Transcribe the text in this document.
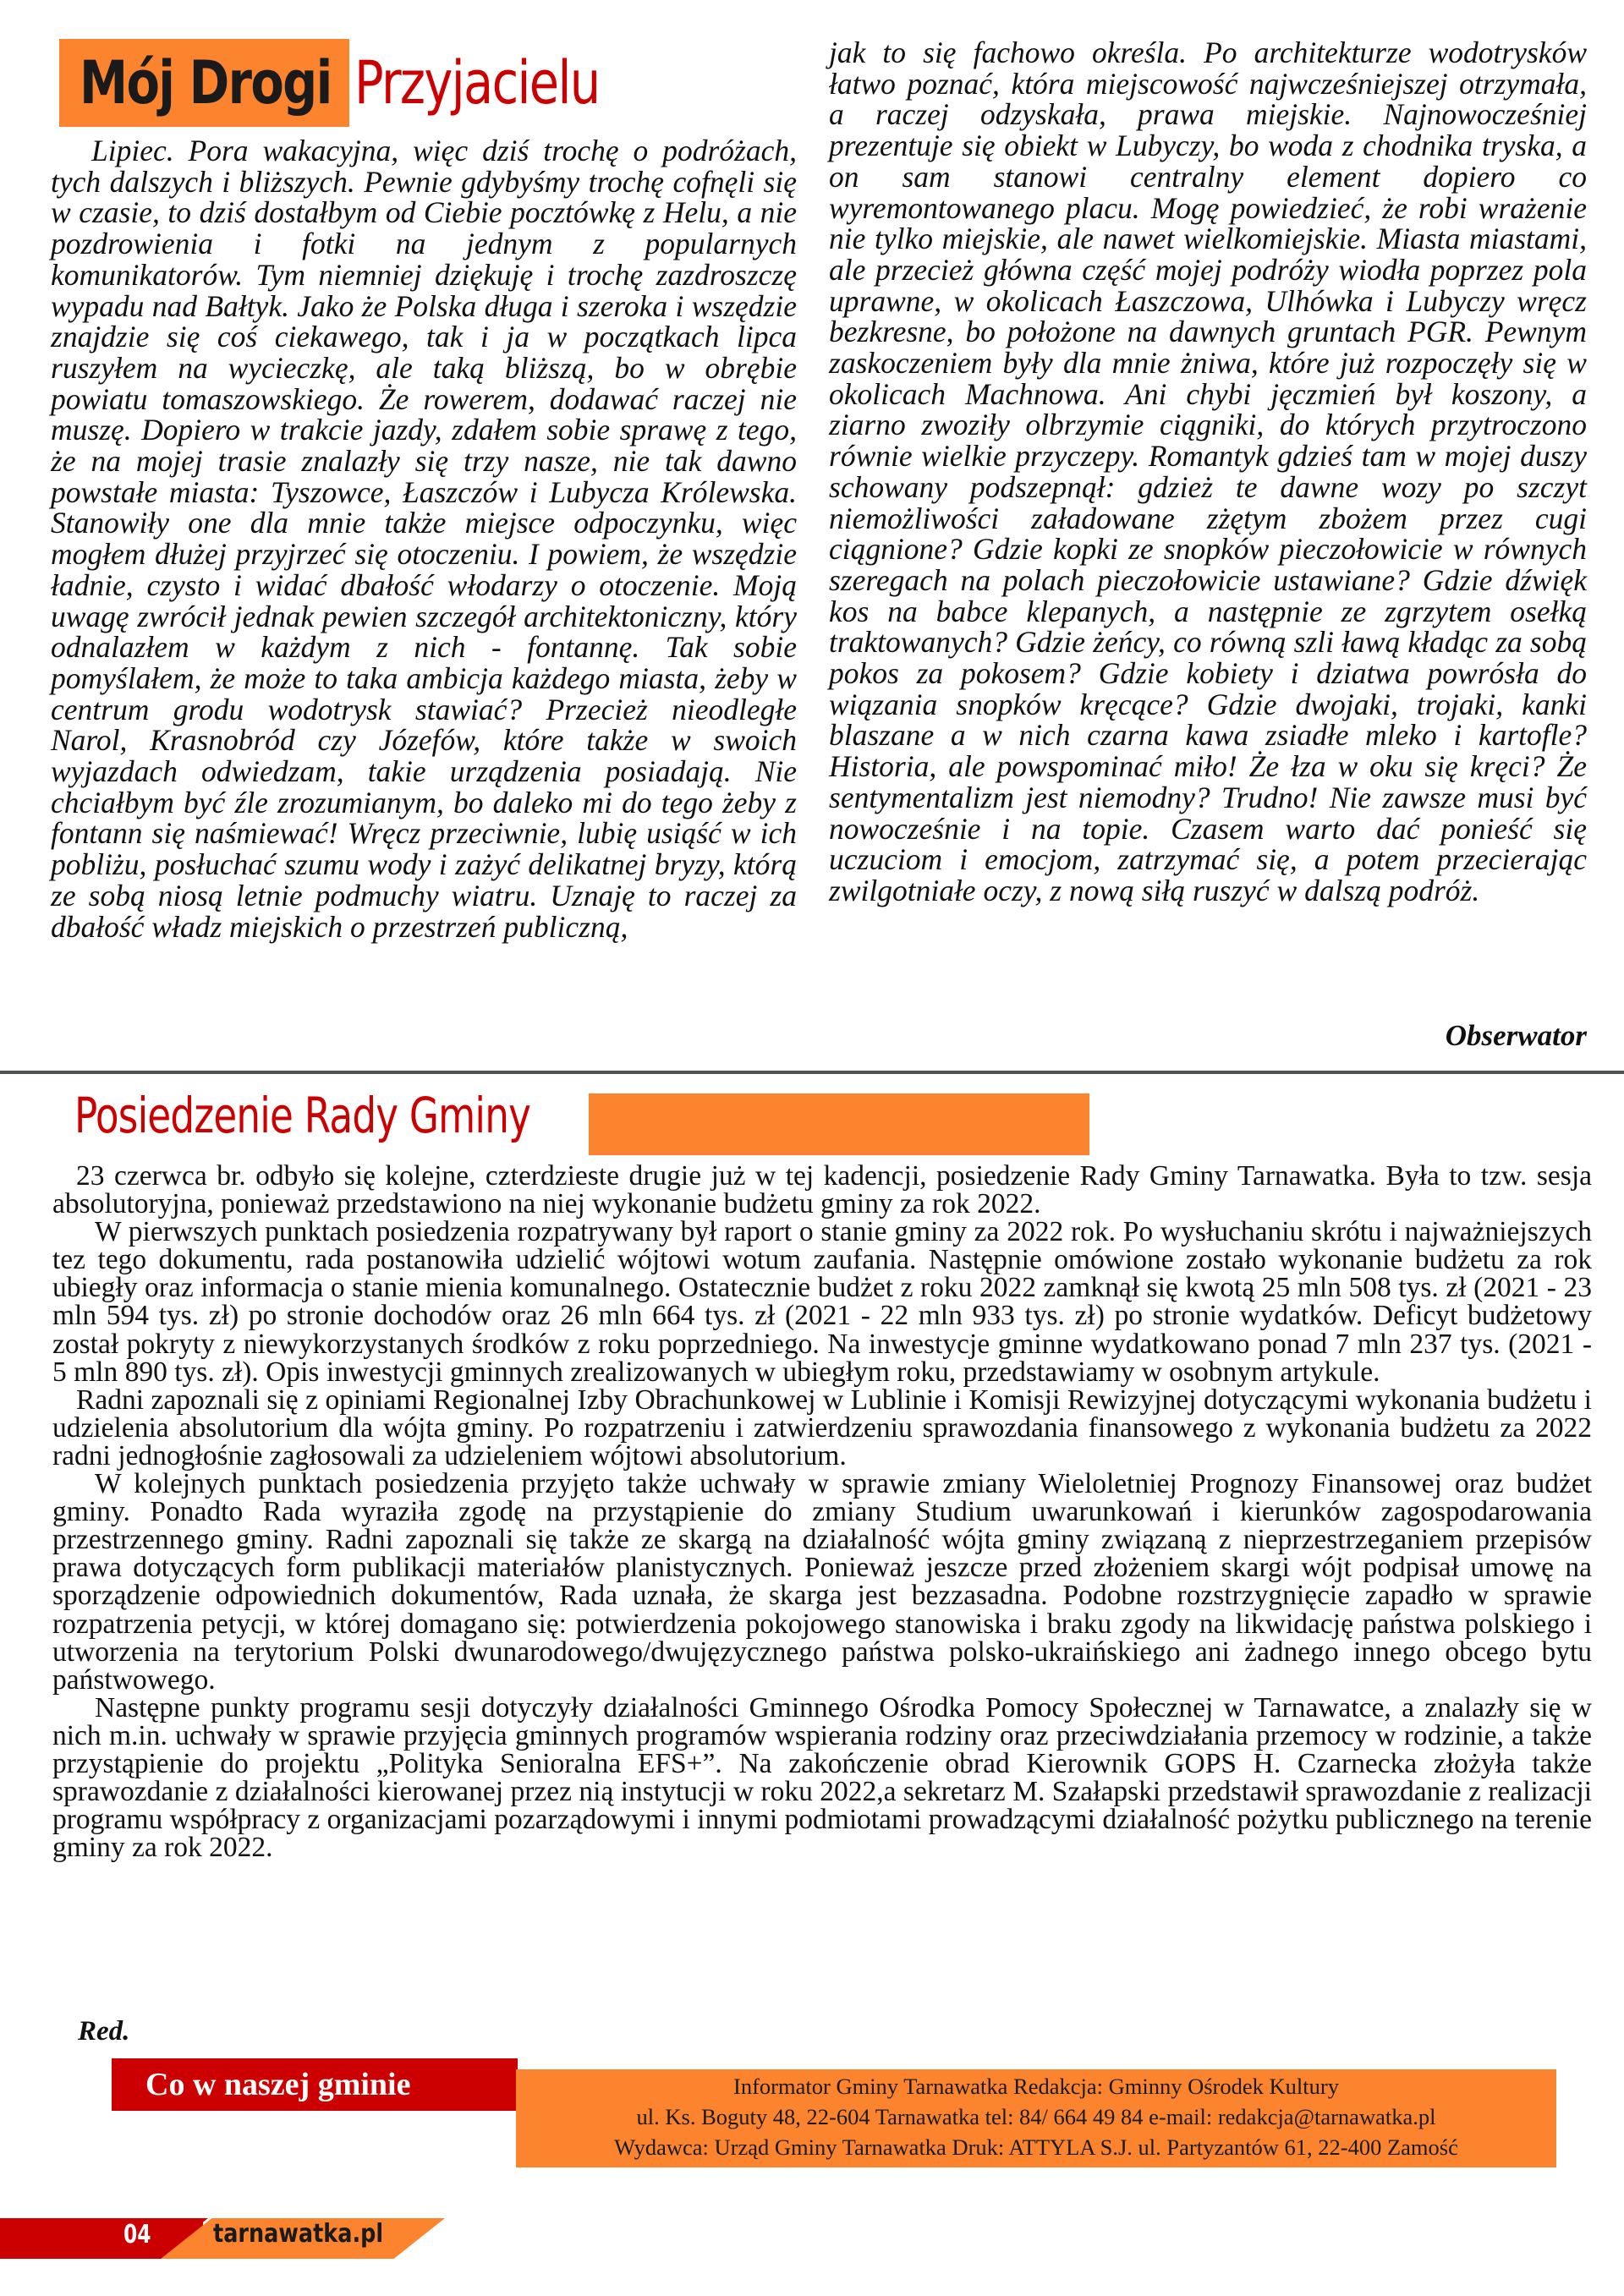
Mój Drogi Przyjacielu

Lipiec. Pora wakacyjna, więc dziś trochę o podróżach, tych dalszych i bliższych. Pewnie gdybyśmy trochę cofnęli się w czasie, to dziś dostałbym od Ciebie pocztówkę z Helu, a nie pozdrowienia i fotki na jednym z popularnych komunikatorów. Tym niemniej dziękuję i trochę zazdroszczę wypadu nad Bałtyk. Jako że Polska długa i szeroka i wszędzie znajdzie się coś ciekawego, tak i ja w początkach lipca ruszyłem na wycieczkę, ale taką bliższą, bo w obrębie powiatu tomaszowskiego. Że rowerem, dodawać raczej nie muszę. Dopiero w trakcie jazdy, zdałem sobie sprawę z tego, że na mojej trasie znalazły się trzy nasze, nie tak dawno powstałe miasta: Tyszowce, Łaszczów i Lubycza Królewska. Stanowiły one dla mnie także miejsce odpoczynku, więc mogłem dłużej przyjrzeć się otoczeniu. I powiem, że wszędzie ładnie, czysto i widać dbałość włodarzy o otoczenie. Moją uwagę zwrócił jednak pewien szczegół architektoniczny, który odnalazłem w każdym z nich - fontannę. Tak sobie pomyślałem, że może to taka ambicja każdego miasta, żeby w centrum grodu wodotrysk stawiać? Przecież nieodległe Narol, Krasnobród czy Józefów, które także w swoich wyjazdach odwiedzam, takie urządzenia posiadają. Nie chciałbym być źle zrozumianym, bo daleko mi do tego żeby z fontann się naśmiewać! Wręcz przeciwnie, lubię usiąść w ich pobliżu, posłuchać szumu wody i zażyć delikatnej bryzy, którą ze sobą niosą letnie podmuchy wiatru. Uznaję to raczej za dbałość władz miejskich o przestrzeń publiczną,

jak to się fachowo określa. Po architekturze wodotrysków łatwo poznać, która miejscowość najwcześniejszej otrzymała, a raczej odzyskała, prawa miejskie. Najnowocześniej prezentuje się obiekt w Lubyczy, bo woda z chodnika tryska, a on sam stanowi centralny element dopiero co wyremontowanego placu. Mogę powiedzieć, że robi wrażenie nie tylko miejskie, ale nawet wielkomiejskie. Miasta miastami, ale przecież główna część mojej podróży wiodła poprzez pola uprawne, w okolicach Łaszczowa, Ulhówka i Lubyczy wręcz bezkresne, bo położone na dawnych gruntach PGR. Pewnym zaskoczeniem były dla mnie żniwa, które już rozpoczęły się w okolicach Machnowa. Ani chybi jęczmień był koszony, a ziarno zwoziły olbrzymie ciągniki, do których przytroczono równie wielkie przyczepy. Romantyk gdzieś tam w mojej duszy schowany podszepnął: gdzież te dawne wozy po szczyt niemożliwości załadowane zżętym zbożem przez cugi ciągnione? Gdzie kopki ze snopków pieczołowicie w równych szeregach na polach pieczołowicie ustawiane? Gdzie dźwięk kos na babce klepanych, a następnie ze zgrzytem osełką traktowanych? Gdzie żeńcy, co równą szli ławą kładąc za sobą pokos za pokosem? Gdzie kobiety i dziatwa powrósła do wiązania snopków kręcące? Gdzie dwojaki, trojaki, kanki blaszane a w nich czarna kawa zsiadłe mleko i kartofle? Historia, ale powspominać miło! Że łza w oku się kręci? Że sentymentalizm jest niemodny? Trudno! Nie zawsze musi być nowocześnie i na topie. Czasem warto dać ponieść się uczuciom i emocjom, zatrzymać się, a potem przecierając zwilgotniałe oczy, z nową siłą ruszyć w dalszą podróż.

Obserwator
Posiedzenie Rady Gminy

23 czerwca br. odbyło się kolejne, czterdzieste drugie już w tej kadencji, posiedzenie Rady Gminy Tarnawatka. Była to tzw. sesja absolutoryjna, ponieważ przedstawiono na niej wykonanie budżetu gminy za rok 2022.

W pierwszych punktach posiedzenia rozpatrywany był raport o stanie gminy za 2022 rok. Po wysłuchaniu skrótu i najważniejszych tez tego dokumentu, rada postanowiła udzielić wójtowi wotum zaufania. Następnie omówione zostało wykonanie budżetu za rok ubiegły oraz informacja o stanie mienia komunalnego. Ostatecznie budżet z roku 2022 zamknął się kwotą 25 mln 508 tys. zł (2021 - 23 mln 594 tys. zł) po stronie dochodów oraz 26 mln 664 tys. zł (2021 - 22 mln 933 tys. zł) po stronie wydatków. Deficyt budżetowy został pokryty z niewykorzystanych środków z roku poprzedniego. Na inwestycje gminne wydatkowano ponad 7 mln 237 tys. (2021 - 5 mln 890 tys. zł). Opis inwestycji gminnych zrealizowanych w ubiegłym roku, przedstawiamy w osobnym artykule.

Radni zapoznali się z opiniami Regionalnej Izby Obrachunkowej w Lublinie i Komisji Rewizyjnej dotyczącymi wykonania budżetu i udzielenia absolutorium dla wójta gminy. Po rozpatrzeniu i zatwierdzeniu sprawozdania finansowego z wykonania budżetu za 2022 radni jednogłośnie zagłosowali za udzieleniem wójtowi absolutorium.

W kolejnych punktach posiedzenia przyjęto także uchwały w sprawie zmiany Wieloletniej Prognozy Finansowej oraz budżet gminy. Ponadto Rada wyraziła zgodę na przystąpienie do zmiany Studium uwarunkowań i kierunków zagospodarowania przestrzennego gminy. Radni zapoznali się także ze skargą na działalność wójta gminy związaną z nieprzestrzeganiem przepisów prawa dotyczących form publikacji materiałów planistycznych. Ponieważ jeszcze przed złożeniem skargi wójt podpisał umowę na sporządzenie odpowiednich dokumentów, Rada uznała, że skarga jest bezzasadna. Podobne rozstrzygnięcie zapadło w sprawie rozpatrzenia petycji, w której domagano się: potwierdzenia pokojowego stanowiska i braku zgody na likwidację państwa polskiego i utworzenia na terytorium Polski dwunarodowego/dwujęzycznego państwa polsko-ukraińskiego ani żadnego innego obcego bytu państwowego.

Następne punkty programu sesji dotyczyły działalności Gminnego Ośrodka Pomocy Społecznej w Tarnawatce, a znalazły się w nich m.in. uchwały w sprawie przyjęcia gminnych programów wspierania rodziny oraz przeciwdziałania przemocy w rodzinie, a także przystąpienie do projektu „Polityka Senioralna EFS+”. Na zakończenie obrad Kierownik GOPS H. Czarnecka złożyła także sprawozdanie z działalności kierowanej przez nią instytucji w roku 2022,a sekretarz M. Szałapski przedstawił sprawozdanie z realizacji programu współpracy z organizacjami pozarządowymi i innymi podmiotami prowadzącymi działalność pożytku publicznego na terenie gminy za rok 2022.

Red.
Co w naszej gminie	Informator Gminy Tarnawatka Redakcja: Gminny Ośrodek Kultury
ul. Ks. Boguty 48, 22-604 Tarnawatka tel: 84/ 664 49 84 e-mail: redakcja@tarnawatka.pl
Wydawca: Urząd Gminy Tarnawatka Druk: ATTYLA S.J. ul. Partyzantów 61, 22-400 Zamość
04 tarnawatka.pl
